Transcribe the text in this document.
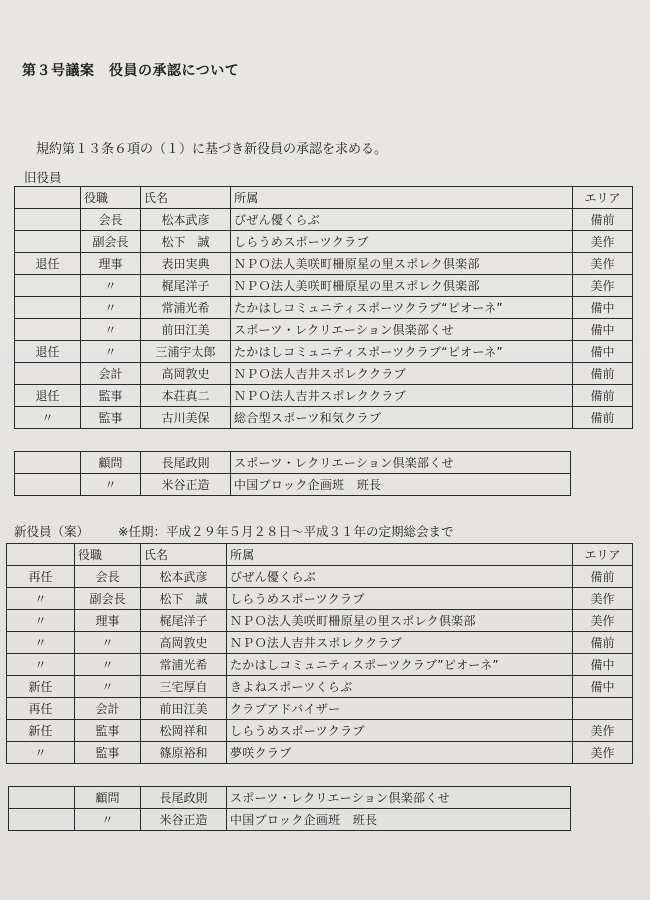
第３号議案　役員の承認について
規約第１３条６項の（１）に基づき新役員の承認を求める。
旧役員
	役職	氏名	所属	エリア
	会長	松本武彦	びぜん優くらぶ	備前
	副会長	松下　誠	しらうめスポーツクラブ	美作
退任	理事	表田実典	ＮＰＯ法人美咲町柵原星の里スポレク倶楽部	美作
	〃	梶尾洋子	ＮＰＯ法人美咲町柵原星の里スポレク倶楽部	美作
	〃	常浦光希	たかはしコミュニティスポーツクラブ“ピオーネ”	備中
	〃	前田江美	スポーツ・レクリエーション倶楽部くせ	備中
退任	〃	三浦宇太郎	たかはしコミュニティスポーツクラブ“ピオーネ”	備中
	会計	高岡敦史	ＮＰＯ法人吉井スポレククラブ	備前
退任	監事	本荘真二	ＮＰＯ法人吉井スポレククラブ	備前
〃	監事	古川美保	総合型スポーツ和気クラブ	備前
	顧問	長尾政則	スポーツ・レクリエーション倶楽部くせ
	〃	米谷正造	中国ブロック企画班　班長
新役員（案） ※任期：平成２９年５月２８日～平成３１年の定期総会まで
	役職	氏名	所属	エリア
再任	会長	松本武彦	びぜん優くらぶ	備前
〃	副会長	松下　誠	しらうめスポーツクラブ	美作
〃	理事	梶尾洋子	ＮＰＯ法人美咲町柵原星の里スポレク倶楽部	美作
〃	〃	高岡敦史	ＮＰＯ法人吉井スポレククラブ	備前
〃	〃	常浦光希	たかはしコミュニティスポーツクラブ”ピオーネ”	備中
新任	〃	三宅厚自	きよねスポーツくらぶ	備中
再任	会計	前田江美	クラブアドバイザー	
新任	監事	松岡祥和	しらうめスポーツクラブ	美作
〃	監事	篠原裕和	夢咲クラブ	美作
	顧問	長尾政則	スポーツ・レクリエーション倶楽部くせ
	〃	米谷正造	中国ブロック企画班　班長
